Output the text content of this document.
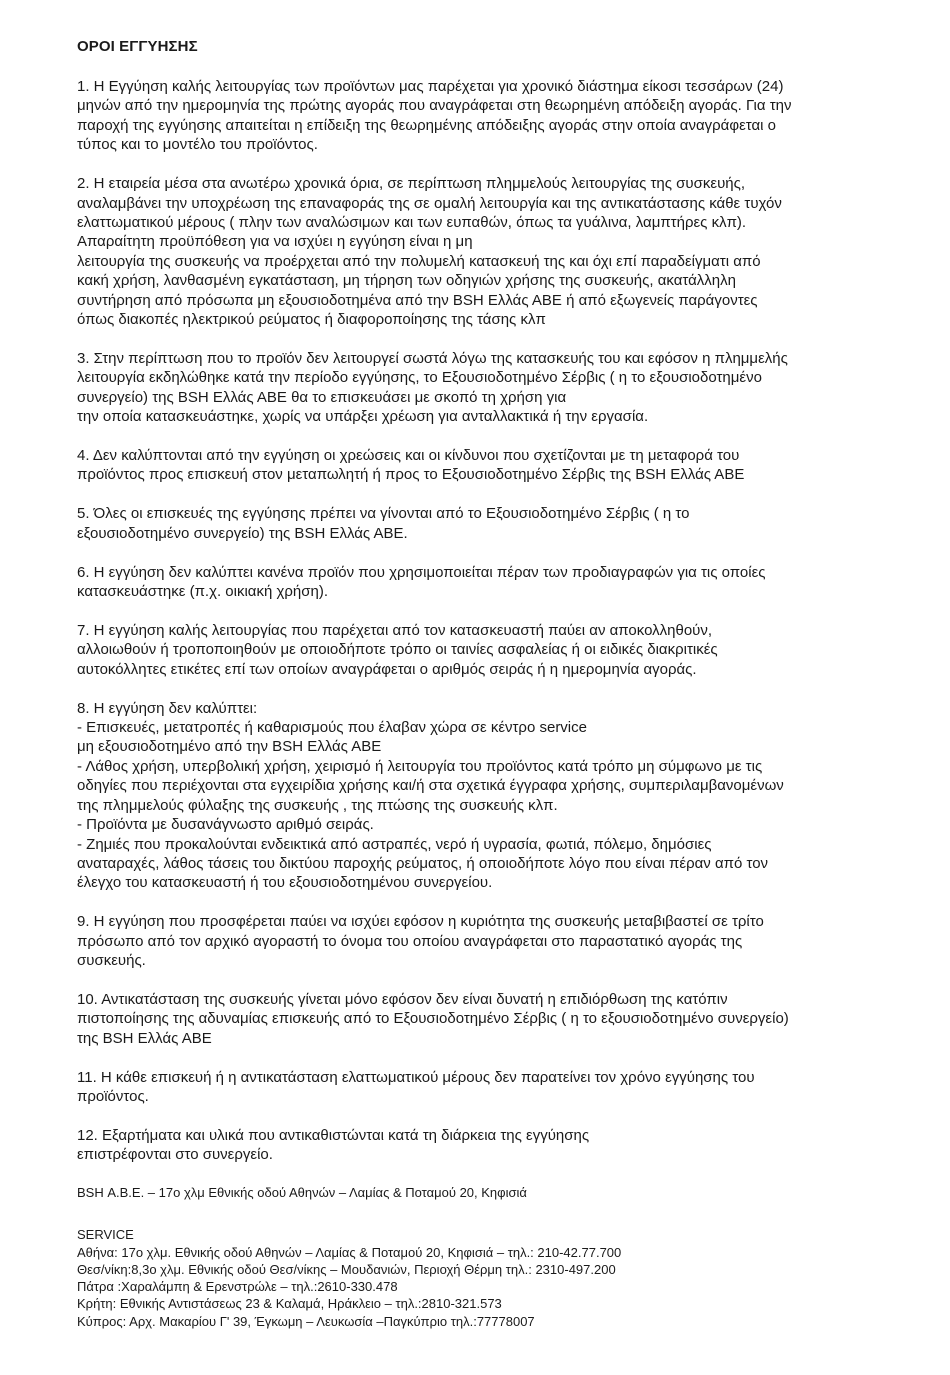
ΟΡΟΙ ΕΓΓΥΗΣΗΣ
1. Η Εγγύηση καλής λειτουργίας των προϊόντων μας παρέχεται για χρονικό διάστημα είκοσι τεσσάρων (24)
μηνών από την ημερομηνία της πρώτης αγοράς που αναγράφεται στη θεωρημένη απόδειξη αγοράς. Για την
παροχή της εγγύησης απαιτείται η επίδειξη της θεωρημένης απόδειξης αγοράς στην οποία αναγράφεται ο
τύπος και το μοντέλο του προϊόντος.
2. Η εταιρεία μέσα στα ανωτέρω χρονικά όρια, σε περίπτωση πλημμελούς λειτουργίας της συσκευής,
αναλαμβάνει την υποχρέωση της επαναφοράς της σε ομαλή λειτουργία και της αντικατάστασης κάθε τυχόν
ελαττωματικού μέρους ( πλην των αναλώσιμων και των ευπαθών, όπως τα γυάλινα, λαμπτήρες κλπ).
Απαραίτητη προϋπόθεση για να ισχύει η εγγύηση είναι η μη
λειτουργία της συσκευής να προέρχεται από την πολυμελή κατασκευή της και όχι επί παραδείγματι από
κακή χρήση, λανθασμένη εγκατάσταση, μη τήρηση των οδηγιών χρήσης της συσκευής, ακατάλληλη
συντήρηση από πρόσωπα μη εξουσιοδοτημένα από την BSH Ελλάς ΑΒΕ ή από εξωγενείς παράγοντες
όπως διακοπές ηλεκτρικού ρεύματος ή διαφοροποίησης της τάσης κλπ
3. Στην περίπτωση που το προϊόν δεν λειτουργεί σωστά λόγω της κατασκευής του και εφόσον η πλημμελής
λειτουργία εκδηλώθηκε κατά την περίοδο εγγύησης, το Εξουσιοδοτημένο Σέρβις ( η το εξουσιοδοτημένο
συνεργείο) της BSH Ελλάς ΑΒΕ θα το επισκευάσει με σκοπό τη χρήση για
την οποία κατασκευάστηκε, χωρίς να υπάρξει χρέωση για ανταλλακτικά ή την εργασία.
4. Δεν καλύπτονται από την εγγύηση οι χρεώσεις και οι κίνδυνοι που σχετίζονται με τη μεταφορά του
προϊόντος προς επισκευή στον μεταπωλητή ή προς το Εξουσιοδοτημένο Σέρβις της BSH Ελλάς ΑΒΕ
5. Όλες οι επισκευές της εγγύησης πρέπει να γίνονται από το Εξουσιοδοτημένο Σέρβις ( η το
εξουσιοδοτημένο συνεργείο) της BSH Ελλάς ΑΒΕ.
6. Η εγγύηση δεν καλύπτει κανένα προϊόν που χρησιμοποιείται πέραν των προδιαγραφών για τις οποίες
κατασκευάστηκε (π.χ. οικιακή χρήση).
7. Η εγγύηση καλής λειτουργίας που παρέχεται από τον κατασκευαστή παύει αν αποκολληθούν,
αλλοιωθούν ή τροποποιηθούν με οποιοδήποτε τρόπο οι ταινίες ασφαλείας ή οι ειδικές διακριτικές
αυτοκόλλητες ετικέτες επί των οποίων αναγράφεται ο αριθμός σειράς ή η ημερομηνία αγοράς.
8. Η εγγύηση δεν καλύπτει:
- Επισκευές, μετατροπές ή καθαρισμούς που έλαβαν χώρα σε κέντρο service
μη εξουσιοδοτημένο από την BSH Ελλάς ΑΒΕ
- Λάθος χρήση, υπερβολική χρήση, χειρισμό ή λειτουργία του προϊόντος κατά τρόπο μη σύμφωνο με τις
οδηγίες που περιέχονται στα εγχειρίδια χρήσης και/ή στα σχετικά έγγραφα χρήσης, συμπεριλαμβανομένων
της πλημμελούς φύλαξης της συσκευής , της πτώσης της συσκευής κλπ.
- Προϊόντα με δυσανάγνωστο αριθμό σειράς.
- Ζημιές που προκαλούνται ενδεικτικά από αστραπές, νερό ή υγρασία, φωτιά, πόλεμο, δημόσιες
αναταραχές, λάθος τάσεις του δικτύου παροχής ρεύματος, ή οποιοδήποτε λόγο που είναι πέραν από τον
έλεγχο του κατασκευαστή ή του εξουσιοδοτημένου συνεργείου.
9. Η εγγύηση που προσφέρεται παύει να ισχύει εφόσον η κυριότητα της συσκευής μεταβιβαστεί σε τρίτο
πρόσωπο από τον αρχικό αγοραστή το όνομα του οποίου αναγράφεται στο παραστατικό αγοράς της
συσκευής.
10. Αντικατάσταση της συσκευής γίνεται μόνο εφόσον δεν είναι δυνατή η επιδιόρθωση της κατόπιν
πιστοποίησης της αδυναμίας επισκευής από το Εξουσιοδοτημένο Σέρβις ( η το εξουσιοδοτημένο συνεργείο)
της BSH Ελλάς ΑΒΕ
11. Η κάθε επισκευή ή η αντικατάσταση ελαττωματικού μέρους δεν παρατείνει τον χρόνο εγγύησης του
προϊόντος.
12. Εξαρτήματα και υλικά που αντικαθιστώνται κατά τη διάρκεια της εγγύησης
επιστρέφονται στο συνεργείο.
BSH Α.Β.Ε. – 17ο χλμ Εθνικής οδού Αθηνών – Λαμίας & Ποταμού 20, Κηφισιά
SERVICE
Αθήνα: 17ο χλμ. Εθνικής οδού Αθηνών – Λαμίας & Ποταμού 20, Κηφισιά – τηλ.: 210-42.77.700
Θεσ/νίκη:8,3ο χλμ. Εθνικής οδού Θεσ/νίκης – Μουδανιών, Περιοχή Θέρμη τηλ.: 2310-497.200
Πάτρα :Χαραλάμπη & Ερενστρώλε – τηλ.:2610-330.478
Κρήτη: Εθνικής Αντιστάσεως 23 & Καλαμά, Ηράκλειο – τηλ.:2810-321.573
Κύπρος: Αρχ. Μακαρίου Γ' 39, Έγκωμη – Λευκωσία –Παγκύπριο τηλ.:77778007
